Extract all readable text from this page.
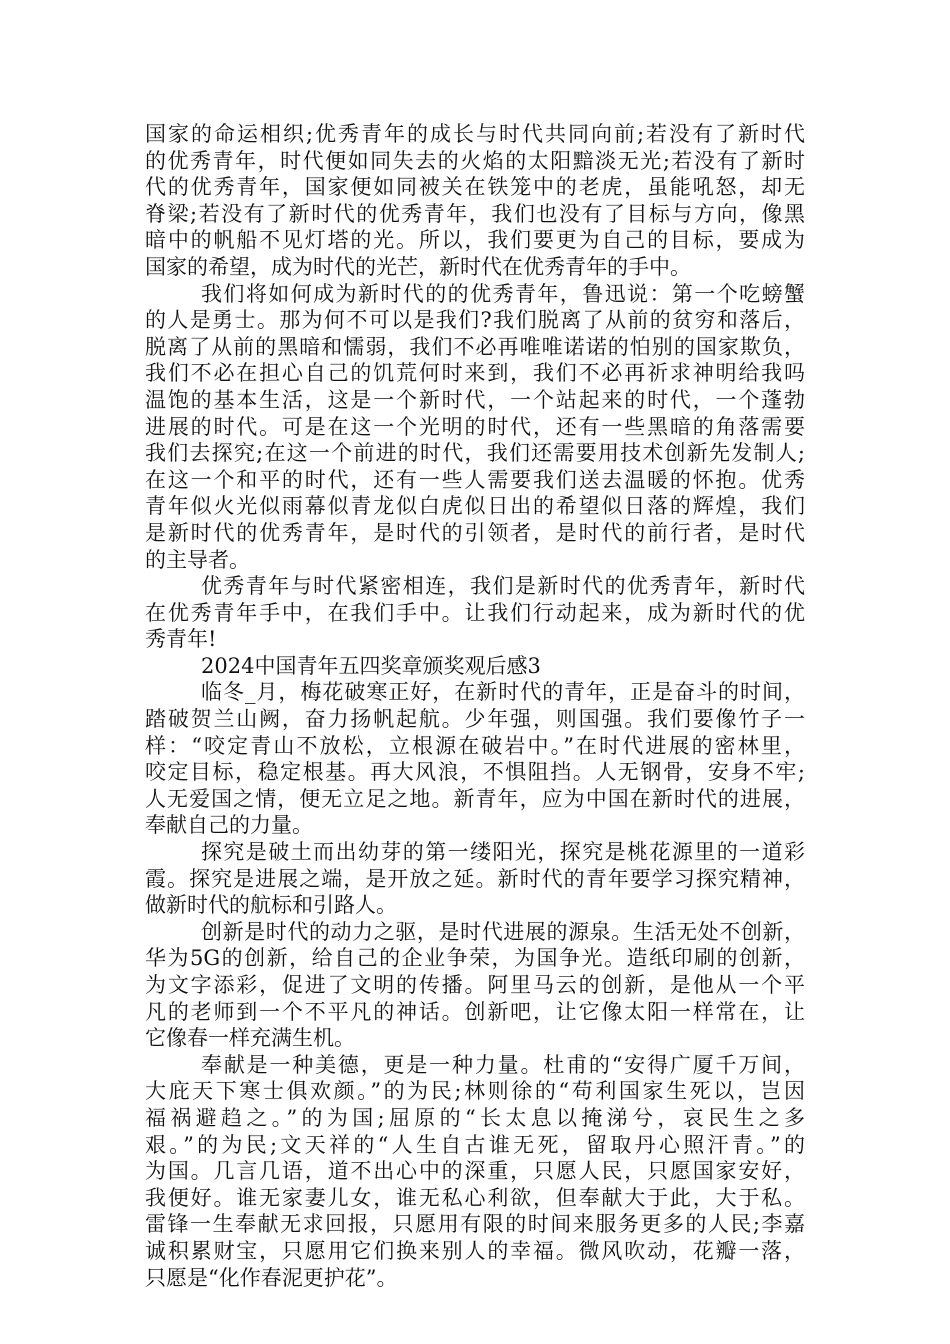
国家的命运相织;优秀青年的成长与时代共同向前;若没有了新时代
的优秀青年，时代便如同失去的火焰的太阳黯淡无光;若没有了新时
代的优秀青年，国家便如同被关在铁笼中的老虎，虽能吼怒，却无
脊梁;若没有了新时代的优秀青年，我们也没有了目标与方向，像黑
暗中的帆船不见灯塔的光。所以，我们要更为自己的目标，要成为
国家的希望，成为时代的光芒，新时代在优秀青年的手中。
我们将如何成为新时代的的优秀青年，鲁迅说：第一个吃螃蟹
的人是勇士。那为何不可以是我们?我们脱离了从前的贫穷和落后，
脱离了从前的黑暗和懦弱，我们不必再唯唯诺诺的怕别的国家欺负，
我们不必在担心自己的饥荒何时来到，我们不必再祈求神明给我吗
温饱的基本生活，这是一个新时代，一个站起来的时代，一个蓬勃
进展的时代。可是在这一个光明的时代，还有一些黑暗的角落需要
我们去探究;在这一个前进的时代，我们还需要用技术创新先发制人;
在这一个和平的时代，还有一些人需要我们送去温暖的怀抱。优秀
青年似火光似雨幕似青龙似白虎似日出的希望似日落的辉煌，我们
是新时代的优秀青年，是时代的引领者，是时代的前行者，是时代
的主导者。
优秀青年与时代紧密相连，我们是新时代的优秀青年，新时代
在优秀青年手中，在我们手中。让我们行动起来，成为新时代的优
秀青年!
2024中国青年五四奖章颁奖观后感3
临冬_月，梅花破寒正好，在新时代的青年，正是奋斗的时间，
踏破贺兰山阙，奋力扬帆起航。少年强，则国强。我们要像竹子一
样：“咬定青山不放松，立根源在破岩中。”在时代进展的密林里，
咬定目标，稳定根基。再大风浪，不惧阻挡。人无钢骨，安身不牢;
人无爱国之情，便无立足之地。新青年，应为中国在新时代的进展，
奉献自己的力量。
探究是破土而出幼芽的第一缕阳光，探究是桃花源里的一道彩
霞。探究是进展之端，是开放之延。新时代的青年要学习探究精神，
做新时代的航标和引路人。
创新是时代的动力之驱，是时代进展的源泉。生活无处不创新，
华为5G的创新，给自己的企业争荣，为国争光。造纸印刷的创新，
为文字添彩，促进了文明的传播。阿里马云的创新，是他从一个平
凡的老师到一个不平凡的神话。创新吧，让它像太阳一样常在，让
它像春一样充满生机。
奉献是一种美德，更是一种力量。杜甫的“安得广厦千万间，
大庇天下寒士俱欢颜。”的为民;林则徐的“苟利国家生死以，岂因
福祸避趋之。”的为国;屈原的“长太息以掩涕兮，哀民生之多
艰。”的为民;文天祥的“人生自古谁无死，留取丹心照汗青。”的
为国。几言几语，道不出心中的深重，只愿人民，只愿国家安好，
我便好。谁无家妻儿女，谁无私心利欲，但奉献大于此，大于私。
雷锋一生奉献无求回报，只愿用有限的时间来服务更多的人民;李嘉
诚积累财宝，只愿用它们换来别人的幸福。微风吹动，花瓣一落，
只愿是“化作春泥更护花”。
